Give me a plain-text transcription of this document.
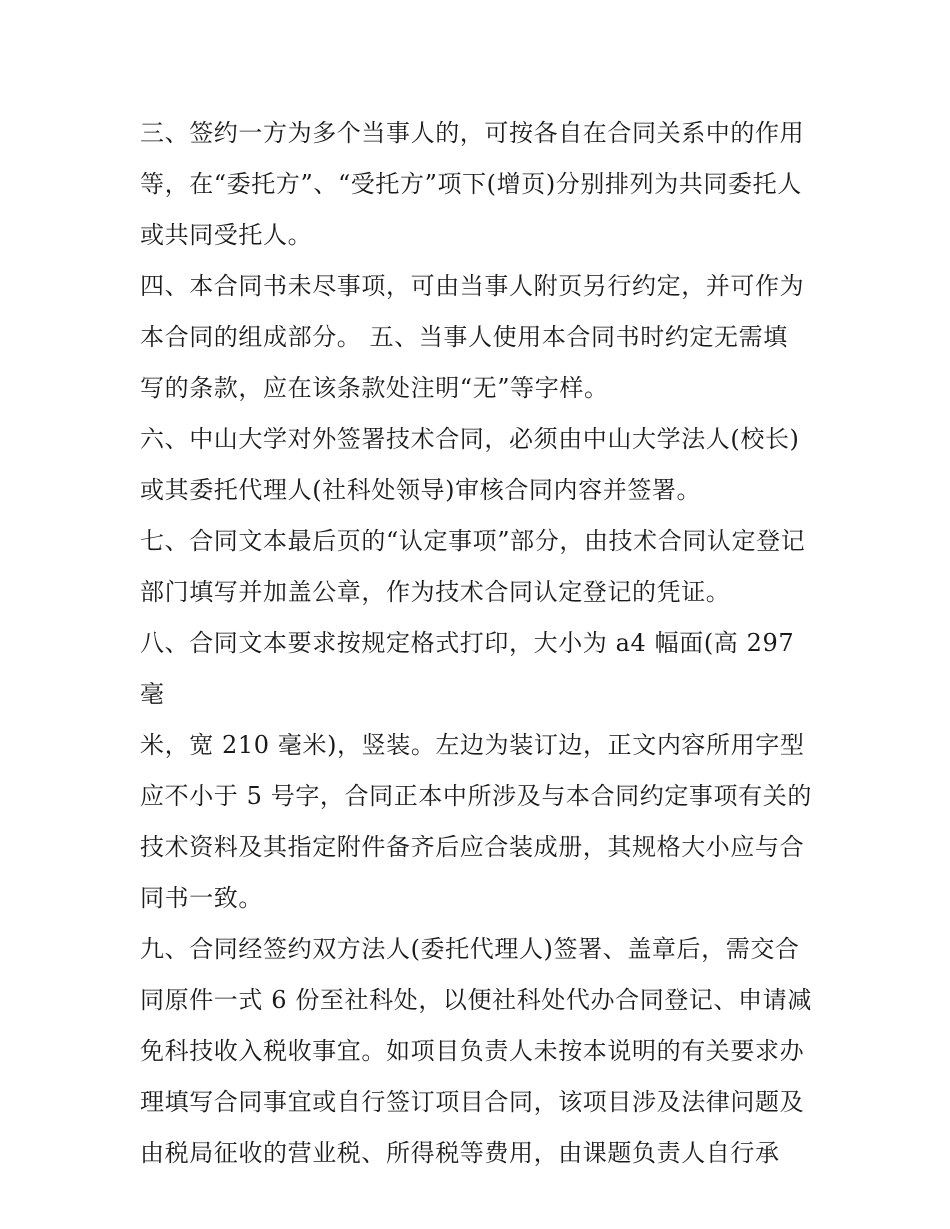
三、签约一方为多个当事人的，可按各自在合同关系中的作用
等，在“委托方”、“受托方”项下(增页)分别排列为共同委托人
或共同受托人。

四、本合同书未尽事项，可由当事人附页另行约定，并可作为
本合同的组成部分。 五、当事人使用本合同书时约定无需填
写的条款，应在该条款处注明“无”等字样。

六、中山大学对外签署技术合同，必须由中山大学法人(校长)
或其委托代理人(社科处领导)审核合同内容并签署。

七、合同文本最后页的“认定事项”部分，由技术合同认定登记
部门填写并加盖公章，作为技术合同认定登记的凭证。

八、合同文本要求按规定格式打印，大小为 a4 幅面(高 297 毫
米，宽 210 毫米)，竖装。左边为装订边，正文内容所用字型
应不小于 5 号字，合同正本中所涉及与本合同约定事项有关的
技术资料及其指定附件备齐后应合装成册，其规格大小应与合
同书一致。

九、合同经签约双方法人(委托代理人)签署、盖章后，需交合
同原件一式 6 份至社科处，以便社科处代办合同登记、申请减
免科技收入税收事宜。如项目负责人未按本说明的有关要求办
理填写合同事宜或自行签订项目合同，该项目涉及法律问题及
由税局征收的营业税、所得税等费用，由课题负责人自行承
